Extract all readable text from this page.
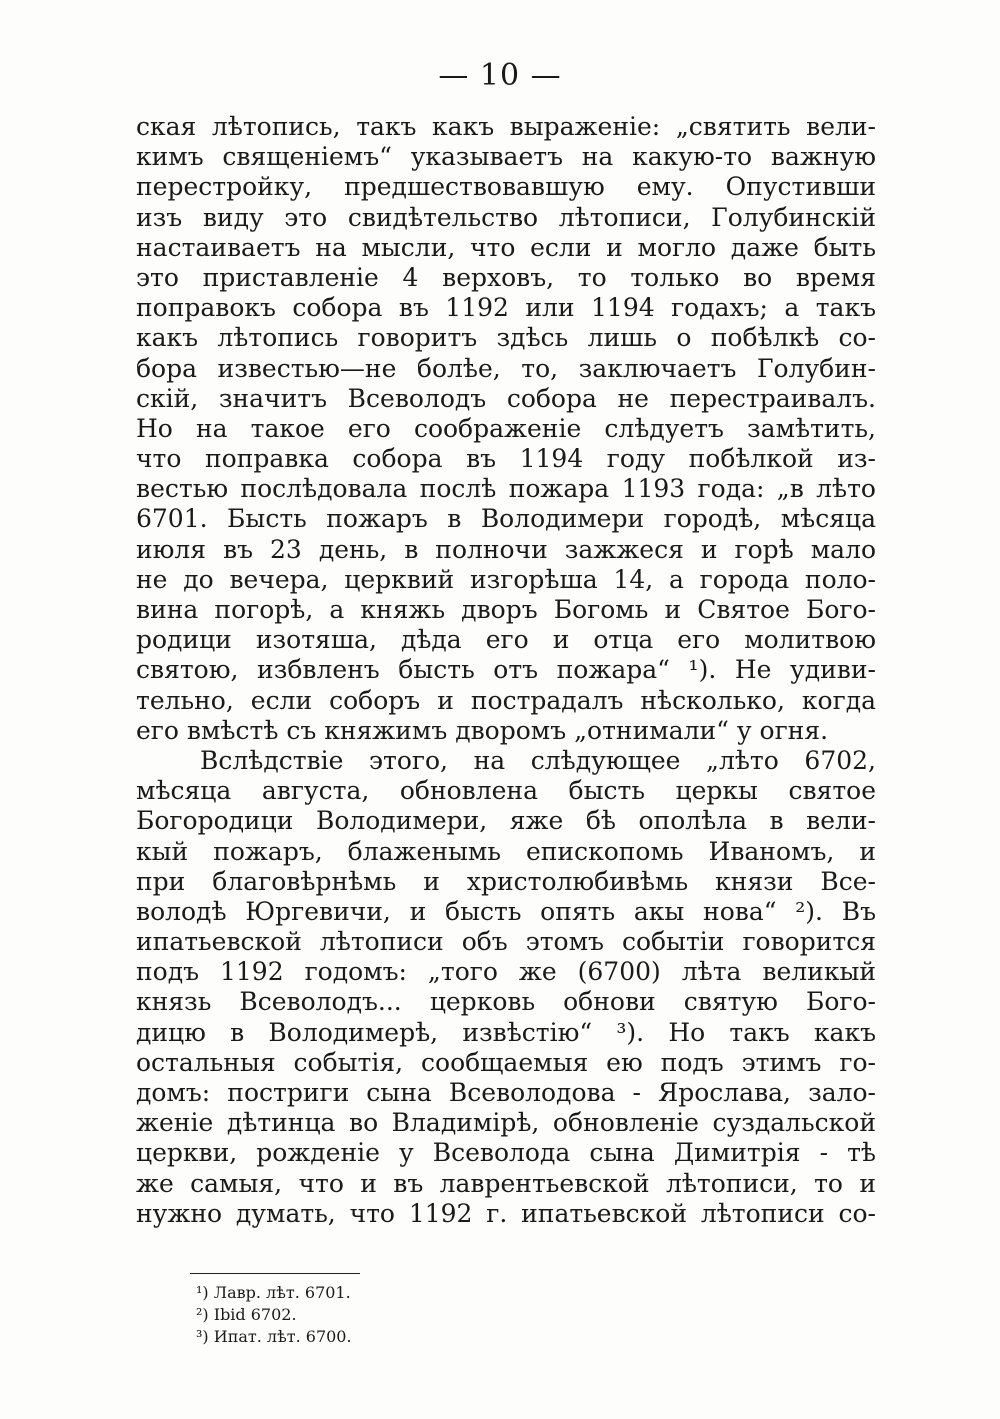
— 10 —
ская лѣтопись, такъ какъ выраженіе: „святить вели-
кимъ священіемъ“ указываетъ на какую-то важную
перестройку, предшествовавшую ему. Опустивши
изъ виду это свидѣтельство лѣтописи, Голубинскій
настаиваетъ на мысли, что если и могло даже быть
это приставленіе 4 верховъ, то только во время
поправокъ собора въ 1192 или 1194 годахъ; а такъ
какъ лѣтопись говоритъ здѣсь лишь о побѣлкѣ со-
бора известью—не болѣе, то, заключаетъ Голубин-
скій, значитъ Всеволодъ собора не перестраивалъ.
Но на такое его соображеніе слѣдуетъ замѣтить,
что поправка собора въ 1194 году побѣлкой из-
вестью послѣдовала послѣ пожара 1193 года: „в лѣто
6701. Бысть пожаръ в Володимери городѣ, мѣсяца
июля въ 23 день, в полночи зажжеся и горѣ мало
не до вечера, церквий изгорѣша 14, а города поло-
вина погорѣ, а княжь дворъ Богомь и Святое Бого-
родици изотяша, дѣда его и отца его молитвою
святою, избвленъ бысть отъ пожара“ ¹). Не удиви-
тельно, если соборъ и пострадалъ нѣсколько, когда
его вмѣстѣ съ княжимъ дворомъ „отнимали“ у огня.
Вслѣдствіе этого, на слѣдующее „лѣто 6702,
мѣсяца августа, обновлена бысть церкы святое
Богородици Володимери, яже бѣ ополѣла в вели-
кый пожаръ, блаженымь епископомь Иваномъ, и
при благовѣрнѣмь и христолюбивѣмь князи Все-
володѣ Юргевичи, и бысть опять акы нова“ ²). Въ
ипатьевской лѣтописи объ этомъ событіи говорится
подъ 1192 годомъ: „того же (6700) лѣта великый
князь Всеволодъ... церковь обнови святую Бого-
дицю в Володимерѣ, извѣстію“ ³). Но такъ какъ
остальныя событія, сообщаемыя ею подъ этимъ го-
домъ: постриги сына Всеволодова - Ярослава, зало-
женіе дѣтинца во Владимірѣ, обновленіе суздальской
церкви, рожденіе у Всеволода сына Димитрія - тѣ
же самыя, что и въ лаврентьевской лѣтописи, то и
нужно думать, что 1192 г. ипатьевской лѣтописи со-
¹) Лавр. лѣт. 6701.
²) Ibid 6702.
³) Ипат. лѣт. 6700.
